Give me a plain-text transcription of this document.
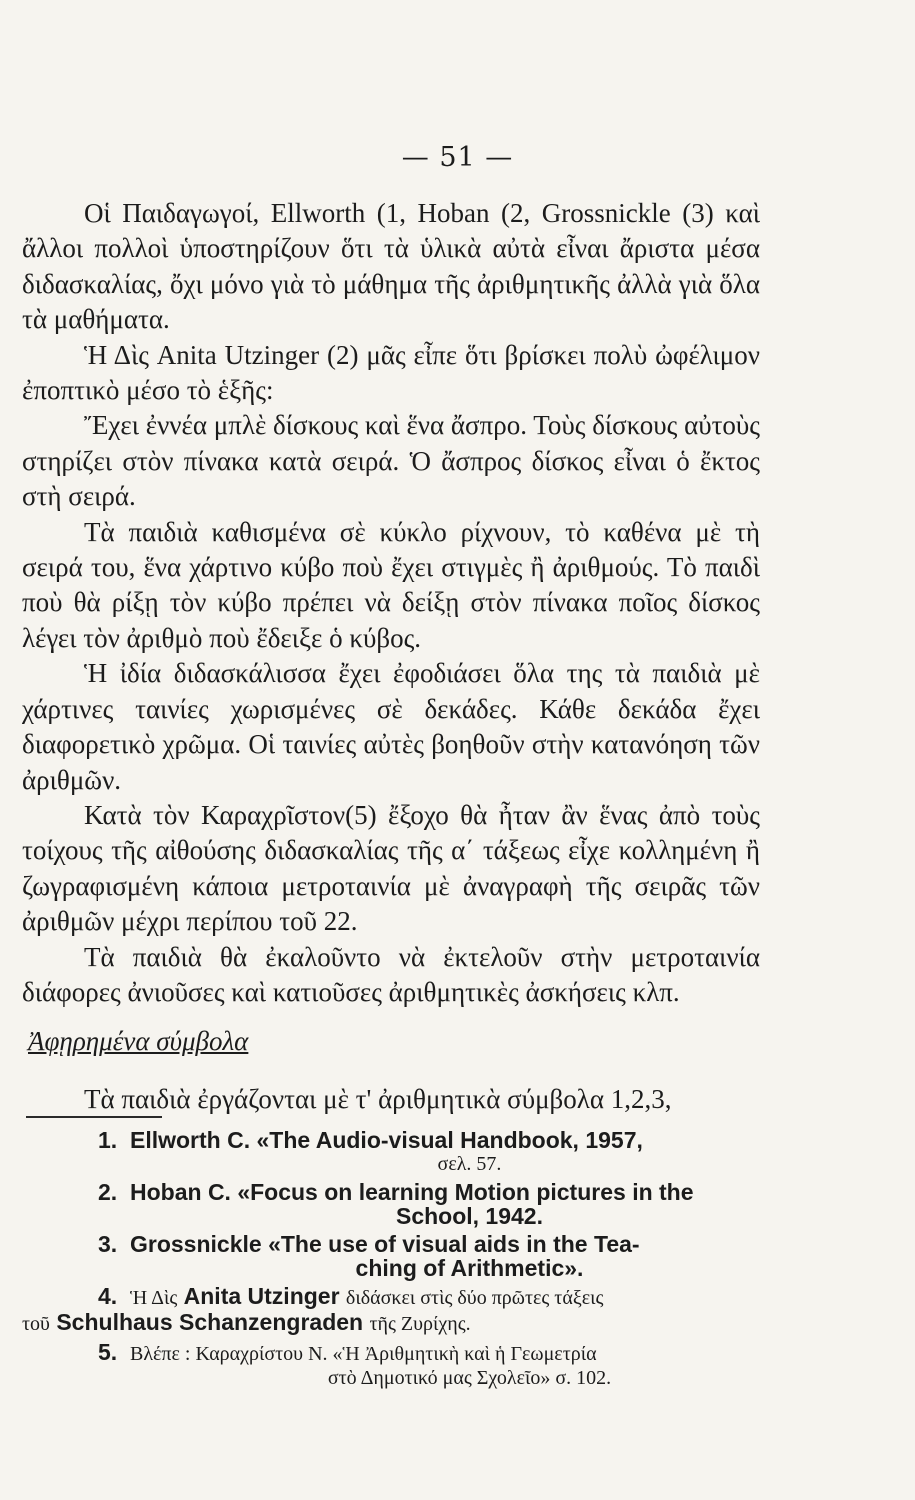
— 51 —

Οἱ Παιδαγωγοί, Ellworth (1, Hoban (2, Grossnickle (3) καὶ ἄλλοι πολλοὶ ὑποστηρίζουν ὅτι τὰ ὑλικὰ αὐτὰ εἶναι ἄριστα μέσα διδασκαλίας, ὄχι μόνο γιὰ τὸ μάθημα τῆς ἀριθμητικῆς ἀλλὰ γιὰ ὅλα τὰ μαθήματα.

Ἡ Δὶς Anita Utzinger (2) μᾶς εἶπε ὅτι βρίσκει πολὺ ὠφέλιμον ἐποπτικὸ μέσο τὸ ἑξῆς:

Ἔχει ἐννέα μπλὲ δίσκους καὶ ἕνα ἄσπρο. Τοὺς δίσκους αὐτοὺς στηρίζει στὸν πίνακα κατὰ σειρά. Ὁ ἄσπρος δίσκος εἶναι ὁ ἔκτος στὴ σειρά.

Τὰ παιδιὰ καθισμένα σὲ κύκλο ρίχνουν, τὸ καθένα μὲ τὴ σειρά του, ἕνα χάρτινο κύβο ποὺ ἔχει στιγμὲς ἢ ἀριθμούς. Τὸ παιδὶ ποὺ θὰ ρίξῃ τὸν κύβο πρέπει νὰ δείξῃ στὸν πίνακα ποῖος δίσκος λέγει τὸν ἀριθμὸ ποὺ ἔδειξε ὁ κύβος.

Ἡ ἰδία διδασκάλισσα ἔχει ἐφοδιάσει ὅλα της τὰ παιδιὰ μὲ χάρτινες ταινίες χωρισμένες σὲ δεκάδες. Κάθε δεκάδα ἔχει διαφορετικὸ χρῶμα. Οἱ ταινίες αὐτὲς βοηθοῦν στὴν κατανόηση τῶν ἀριθμῶν.

Κατὰ τὸν Καραχρῖστον(5) ἔξοχο θὰ ἦταν ἂν ἕνας ἀπὸ τοὺς τοίχους τῆς αἰθούσης διδασκαλίας τῆς α΄ τάξεως εἶχε κολλημένη ἢ ζωγραφισμένη κάποια μετροταινία μὲ ἀναγραφὴ τῆς σειρᾶς τῶν ἀριθμῶν μέχρι περίπου τοῦ 22.

Τὰ παιδιὰ θὰ ἐκαλοῦντο νὰ ἐκτελοῦν στὴν μετροταινία διάφορες ἀνιοῦσες καὶ κατιοῦσες ἀριθμητικὲς ἀσκήσεις κλπ.

Ἀφῃρημένα σύμβολα

Τὰ παιδιὰ ἐργάζονται μὲ τ' ἀριθμητικὰ σύμβολα 1,2,3,

1. Ellworth C. «The Audio-visual Handbook, 1957,
σελ. 57.
2. Hoban C. «Focus on learning Motion pictures in the
School, 1942.
3. Grossnickle «The use of visual aids in the Tea-
ching of Arithmetic».
4. Ἡ Δὶς Anita Utzinger διδάσκει στὶς δύο πρῶτες τάξεις
τοῦ Schulhaus Schanzengraden τῆς Ζυρίχης.
5. Βλέπε : Καραχρίστου Ν. «Ἡ Ἀριθμητικὴ καὶ ἡ Γεωμετρία
στὸ Δημοτικό μας Σχολεῖο» σ. 102.
